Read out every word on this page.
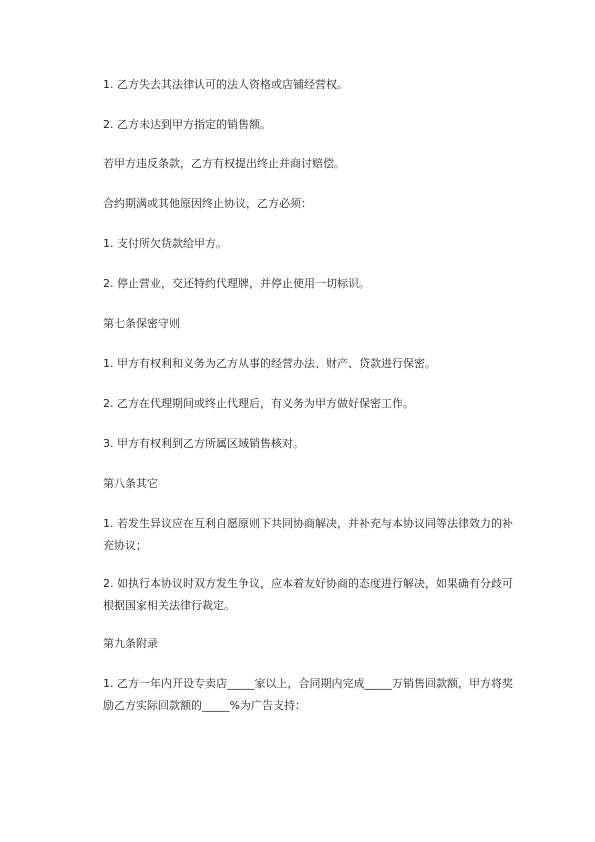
1. 乙方失去其法律认可的法人资格或店铺经营权。

2. 乙方未达到甲方指定的销售额。

若甲方违反条款，乙方有权提出终止并商讨赔偿。

合约期满或其他原因终止协议，乙方必须：

1. 支付所欠货款给甲方。

2. 停止营业，交还特约代理牌，并停止使用一切标识。

第七条保密守则

1. 甲方有权利和义务为乙方从事的经营办法、财产、贷款进行保密。

2. 乙方在代理期间或终止代理后，有义务为甲方做好保密工作。

3. 甲方有权利到乙方所属区域销售核对。

第八条其它

1. 若发生异议应在互利自愿原则下共同协商解决，并补充与本协议同等法律效力的补充协议；

2. 如执行本协议时双方发生争议，应本着友好协商的态度进行解决，如果确有分歧可根据国家相关法律行裁定。

第九条附录

1. 乙方一年内开设专卖店_____家以上，合同期内完成_____万销售回款额，甲方将奖励乙方实际回款额的_____%为广告支持：
